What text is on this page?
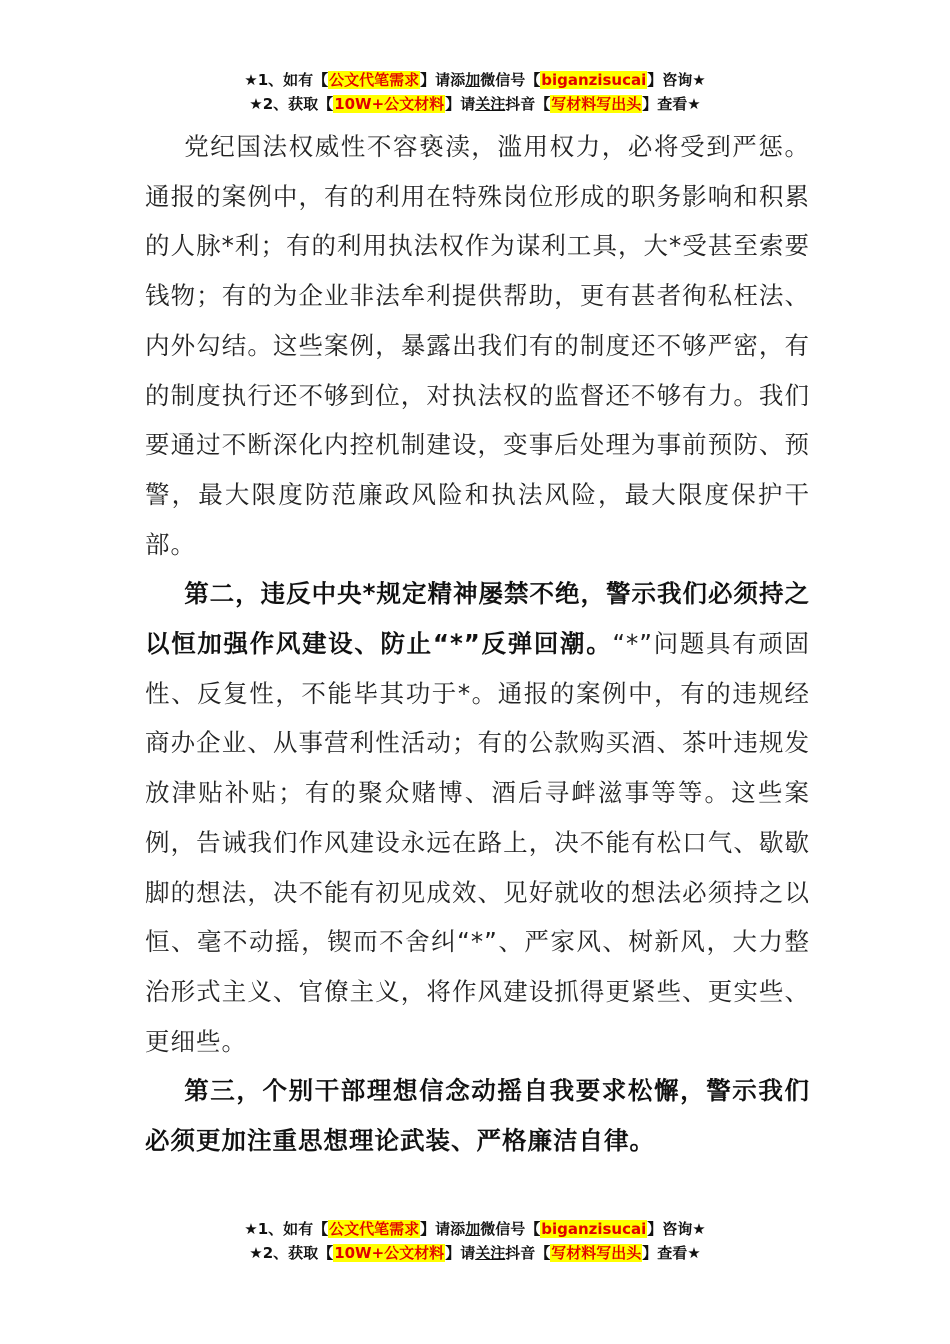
★1、如有【公文代笔需求】请添加微信号【biganzisucai】咨询★
★2、获取【10W+公文材料】请关注抖音【写材料写出头】查看★

党纪国法权威性不容亵渎，滥用权力，必将受到严惩。通报的案例中，有的利用在特殊岗位形成的职务影响和积累的人脉*利；有的利用执法权作为谋利工具，大*受甚至索要钱物；有的为企业非法牟利提供帮助，更有甚者徇私枉法、内外勾结。这些案例，暴露出我们有的制度还不够严密，有的制度执行还不够到位，对执法权的监督还不够有力。我们要通过不断深化内控机制建设，变事后处理为事前预防、预警，最大限度防范廉政风险和执法风险，最大限度保护干部。

第二，违反中央*规定精神屡禁不绝，警示我们必须持之以恒加强作风建设、防止“*”反弹回潮。“*”问题具有顽固性、反复性，不能毕其功于*。通报的案例中，有的违规经商办企业、从事营利性活动；有的公款购买酒、茶叶违规发放津贴补贴；有的聚众赌博、酒后寻衅滋事等等。这些案例，告诫我们作风建设永远在路上，决不能有松口气、歇歇脚的想法，决不能有初见成效、见好就收的想法必须持之以恒、毫不动摇，锲而不舍纠“*”、严家风、树新风，大力整治形式主义、官僚主义，将作风建设抓得更紧些、更实些、更细些。

第三，个别干部理想信念动摇自我要求松懈，警示我们必须更加注重思想理论武装、严格廉洁自律。

★1、如有【公文代笔需求】请添加微信号【biganzisucai】咨询★
★2、获取【10W+公文材料】请关注抖音【写材料写出头】查看★
